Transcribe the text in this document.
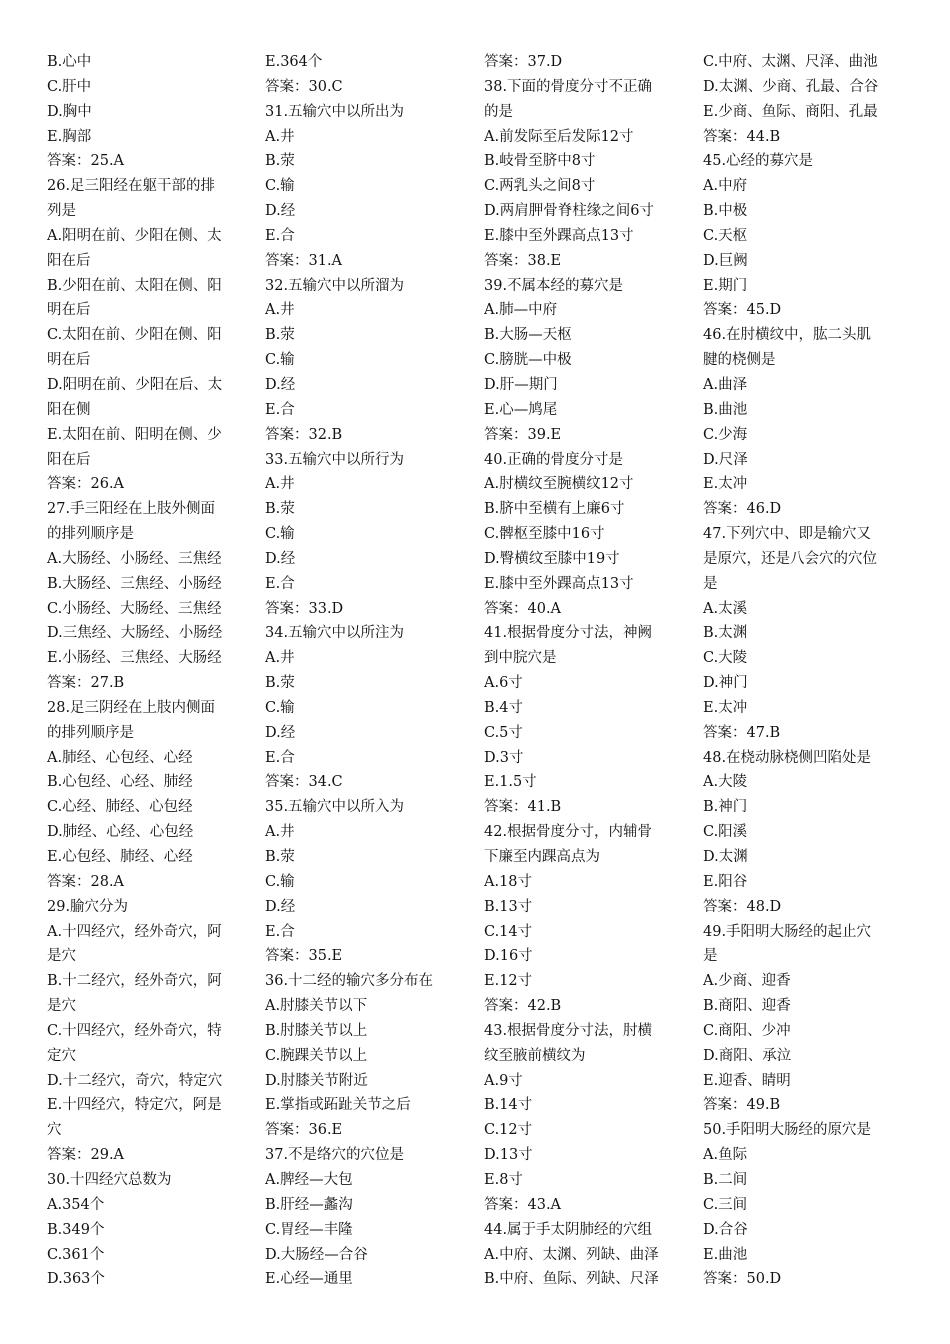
B.心中
C.肝中
D.胸中
E.胸部
答案：25.A
26.足三阳经在躯干部的排
列是
A.阳明在前、少阳在侧、太
阳在后
B.少阳在前、太阳在侧、阳
明在后
C.太阳在前、少阳在侧、阳
明在后
D.阳明在前、少阳在后、太
阳在侧
E.太阳在前、阳明在侧、少
阳在后
答案：26.A
27.手三阳经在上肢外侧面
的排列顺序是
A.大肠经、小肠经、三焦经
B.大肠经、三焦经、小肠经
C.小肠经、大肠经、三焦经
D.三焦经、大肠经、小肠经
E.小肠经、三焦经、大肠经
答案：27.B
28.足三阴经在上肢内侧面
的排列顺序是
A.肺经、心包经、心经
B.心包经、心经、肺经
C.心经、肺经、心包经
D.肺经、心经、心包经
E.心包经、肺经、心经
答案：28.A
29.腧穴分为
A.十四经穴，经外奇穴，阿
是穴
B.十二经穴，经外奇穴，阿
是穴
C.十四经穴，经外奇穴，特
定穴
D.十二经穴，奇穴，特定穴
E.十四经穴，特定穴，阿是
穴
答案：29.A
30.十四经穴总数为
A.354个
B.349个
C.361个
D.363个
E.364个
答案：30.C
31.五输穴中以所出为
A.井
B.荥
C.输
D.经
E.合
答案：31.A
32.五输穴中以所溜为
A.井
B.荥
C.输
D.经
E.合
答案：32.B
33.五输穴中以所行为
A.井
B.荥
C.输
D.经
E.合
答案：33.D
34.五输穴中以所注为
A.井
B.荥
C.输
D.经
E.合
答案：34.C
35.五输穴中以所入为
A.井
B.荥
C.输
D.经
E.合
答案：35.E
36.十二经的输穴多分布在
A.肘膝关节以下
B.肘膝关节以上
C.腕踝关节以上
D.肘膝关节附近
E.掌指或跖趾关节之后
答案：36.E
37.不是络穴的穴位是
A.脾经—大包
B.肝经—蠡沟
C.胃经—丰隆
D.大肠经—合谷
E.心经—通里
答案：37.D
38.下面的骨度分寸不正确
的是
A.前发际至后发际12寸
B.岐骨至脐中8寸
C.两乳头之间8寸
D.两肩胛骨脊柱缘之间6寸
E.膝中至外踝高点13寸
答案：38.E
39.不属本经的募穴是
A.肺—中府
B.大肠—天枢
C.膀胱—中极
D.肝—期门
E.心—鸠尾
答案：39.E
40.正确的骨度分寸是
A.肘横纹至腕横纹12寸
B.脐中至横有上廉6寸
C.髀枢至膝中16寸
D.臀横纹至膝中19寸
E.膝中至外踝高点13寸
答案：40.A
41.根据骨度分寸法，神阙
到中脘穴是
A.6寸
B.4寸
C.5寸
D.3寸
E.1.5寸
答案：41.B
42.根据骨度分寸，内辅骨
下廉至内踝高点为
A.18寸
B.13寸
C.14寸
D.16寸
E.12寸
答案：42.B
43.根据骨度分寸法，肘横
纹至腋前横纹为
A.9寸
B.14寸
C.12寸
D.13寸
E.8寸
答案：43.A
44.属于手太阴肺经的穴组
A.中府、太渊、列缺、曲泽
B.中府、鱼际、列缺、尺泽
C.中府、太渊、尺泽、曲池
D.太渊、少商、孔最、合谷
E.少商、鱼际、商阳、孔最
答案：44.B
45.心经的募穴是
A.中府
B.中极
C.天枢
D.巨阙
E.期门
答案：45.D
46.在肘横纹中，肱二头肌
腱的桡侧是
A.曲泽
B.曲池
C.少海
D.尺泽
E.太冲
答案：46.D
47.下列穴中、即是输穴又
是原穴，还是八会穴的穴位
是
A.太溪
B.太渊
C.大陵
D.神门
E.太冲
答案：47.B
48.在桡动脉桡侧凹陷处是
A.大陵
B.神门
C.阳溪
D.太渊
E.阳谷
答案：48.D
49.手阳明大肠经的起止穴
是
A.少商、迎香
B.商阳、迎香
C.商阳、少冲
D.商阳、承泣
E.迎香、睛明
答案：49.B
50.手阳明大肠经的原穴是
A.鱼际
B.二间
C.三间
D.合谷
E.曲池
答案：50.D
